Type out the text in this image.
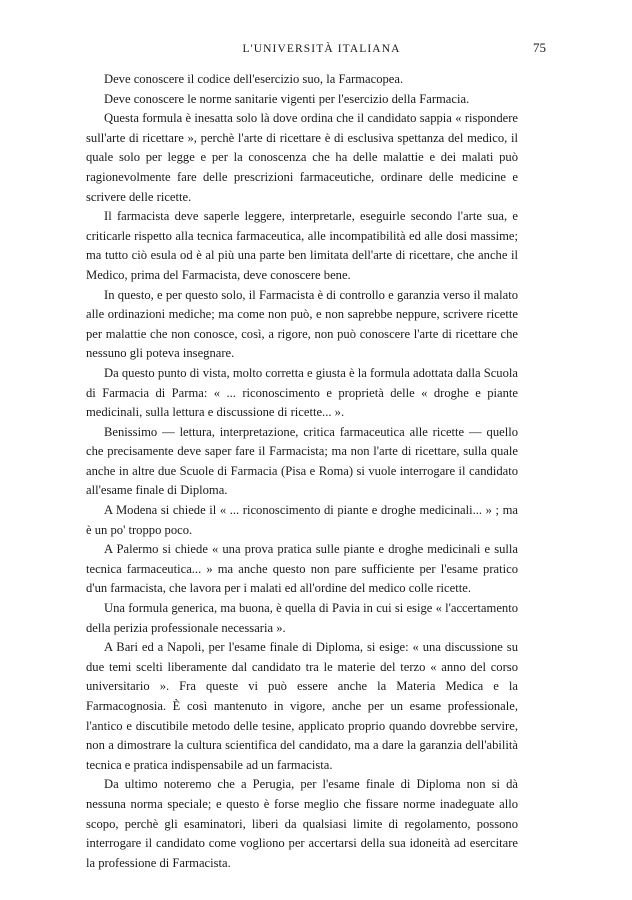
L'UNIVERSITÀ ITALIANA	75

Deve conoscere il codice dell'esercizio suo, la Farmacopea.

Deve conoscere le norme sanitarie vigenti per l'esercizio della Farmacia.

Questa formula è inesatta solo là dove ordina che il candidato sappia « rispondere sull'arte di ricettare », perchè l'arte di ricettare è di esclusiva spettanza del medico, il quale solo per legge e per la conoscenza che ha delle malattie e dei malati può ragionevolmente fare delle prescrizioni farmaceutiche, ordinare delle medicine e scrivere delle ricette.

Il farmacista deve saperle leggere, interpretarle, eseguirle secondo l'arte sua, e criticarle rispetto alla tecnica farmaceutica, alle incompatibilità ed alle dosi massime; ma tutto ciò esula od è al più una parte ben limitata dell'arte di ricettare, che anche il Medico, prima del Farmacista, deve conoscere bene.

In questo, e per questo solo, il Farmacista è di controllo e garanzia verso il malato alle ordinazioni mediche; ma come non può, e non saprebbe neppure, scrivere ricette per malattie che non conosce, così, a rigore, non può conoscere l'arte di ricettare che nessuno gli poteva insegnare.

Da questo punto di vista, molto corretta e giusta è la formula adottata dalla Scuola di Farmacia di Parma: « ... riconoscimento e proprietà delle « droghe e piante medicinali, sulla lettura e discussione di ricette... ».

Benissimo — lettura, interpretazione, critica farmaceutica alle ricette — quello che precisamente deve saper fare il Farmacista; ma non l'arte di ricettare, sulla quale anche in altre due Scuole di Farmacia (Pisa e Roma) si vuole interrogare il candidato all'esame finale di Diploma.

A Modena si chiede il « ... riconoscimento di piante e droghe medicinali... » ; ma è un po' troppo poco.

A Palermo si chiede « una prova pratica sulle piante e droghe medicinali e sulla tecnica farmaceutica... » ma anche questo non pare sufficiente per l'esame pratico d'un farmacista, che lavora per i malati ed all'ordine del medico colle ricette.

Una formula generica, ma buona, è quella di Pavia in cui si esige « l'accertamento della perizia professionale necessaria ».

A Bari ed a Napoli, per l'esame finale di Diploma, si esige: « una discussione su due temi scelti liberamente dal candidato tra le materie del terzo « anno del corso universitario ». Fra queste vi può essere anche la Materia Medica e la Farmacognosia. È così mantenuto in vigore, anche per un esame professionale, l'antico e discutibile metodo delle tesine, applicato proprio quando dovrebbe servire, non a dimostrare la cultura scientifica del candidato, ma a dare la garanzia dell'abilità tecnica e pratica indispensabile ad un farmacista.

Da ultimo noteremo che a Perugia, per l'esame finale di Diploma non si dà nessuna norma speciale; e questo è forse meglio che fissare norme inadeguate allo scopo, perchè gli esaminatori, liberi da qualsiasi limite di regolamento, possono interrogare il candidato come vogliono per accertarsi della sua idoneità ad esercitare la professione di Farmacista.
